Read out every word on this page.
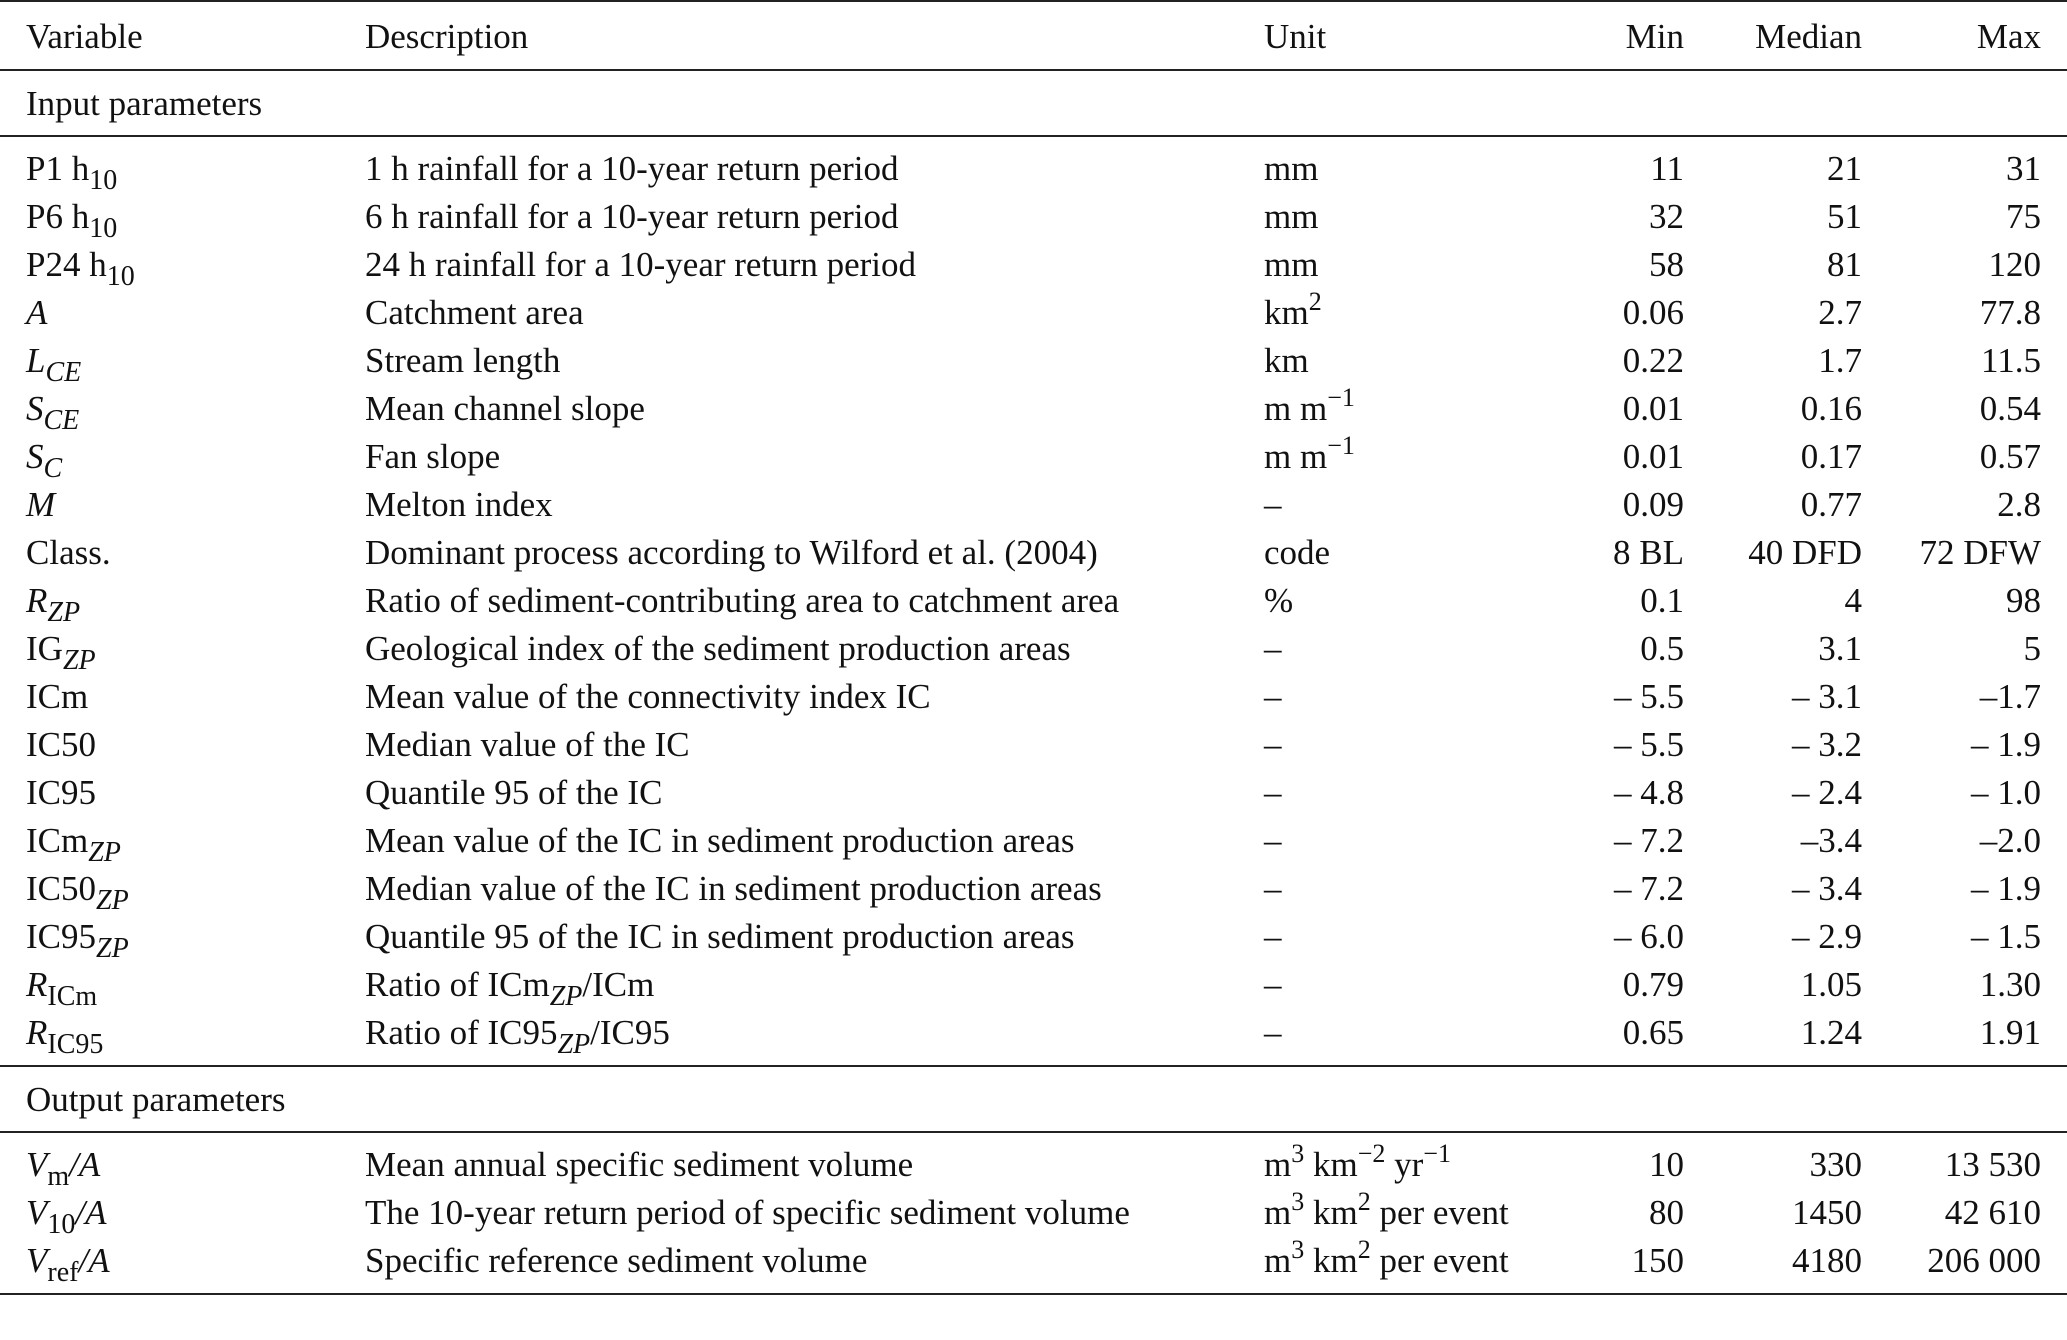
Variable	Description	Unit	Min	Median	Max
Input parameters					
P1 $h_{10}$	1 h rainfall for a 10-year return period	mm	11	21	31
P6 $h_{10}$	6 h rainfall for a 10-year return period	mm	32	51	75
P24 $h_{10}$	24 h rainfall for a 10-year return period	mm	58	81	120
A	Catchment area	$km^2$	0.06	2.7	77.8
$L_{CE}$	Stream length	km	0.22	1.7	11.5
$S_{CE}$	Mean channel slope	m $m^{-1}$	0.01	0.16	0.54
$S_C$	Fan slope	m $m^{-1}$	0.01	0.17	0.57
M	Melton index	–	0.09	0.77	2.8
Class.	Dominant process according to Wilford et al. (2004)	code	8 BL	40 DFD	72 DFW
$R_{ZP}$	Ratio of sediment-contributing area to catchment area	%	0.1	4	98
$IG_{ZP}$	Geological index of the sediment production areas	–	0.5	3.1	5
ICm	Mean value of the connectivity index IC	–	– 5.5	– 3.1	–1.7
IC50	Median value of the IC	–	– 5.5	– 3.2	– 1.9
IC95	Quantile 95 of the IC	–	– 4.8	– 2.4	– 1.0
ICm$_{ZP}$	Mean value of the IC in sediment production areas	–	– 7.2	–3.4	–2.0
$IC50_{ZP}$	Median value of the IC in sediment production areas	–	– 7.2	– 3.4	– 1.9
$IC95_{ZP}$	Quantile 95 of the IC in sediment production areas	–	– 6.0	– 2.9	– 1.5
$R_{ICm}$	Ratio of ICm$_{ZP}$/ICm	–	0.79	1.05	1.30
$R_{IC95}$	Ratio of $IC95_{ZP}/IC95$	–	0.65	1.24	1.91
Output parameters					
$V_m/A$	Mean annual specific sediment volume	$m^3$ $km^{-2}$ $yr^{-1}$	10	330	13 530
$V_{10}/A$	The 10-year return period of specific sediment volume	$m^3$ $km^2$ per event	80	1450	42 610
$V_{ref}/A$	Specific reference sediment volume	$m^3$ $km^2$ per event	150	4180	206 000
